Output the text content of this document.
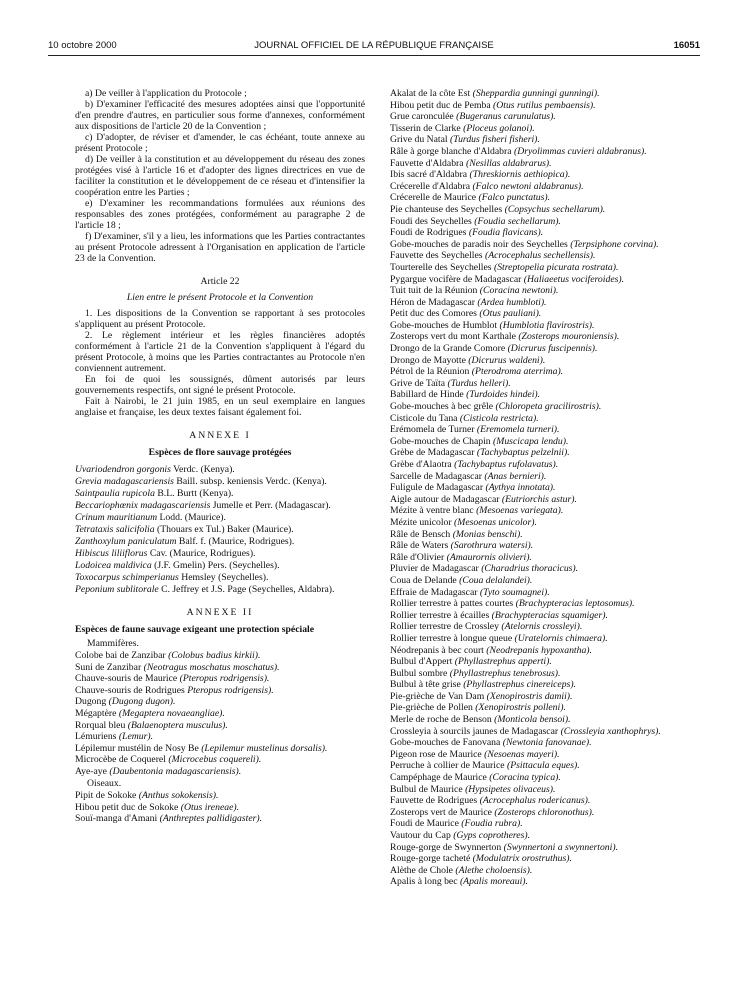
10 octobre 2000	JOURNAL OFFICIEL DE LA RÉPUBLIQUE FRANÇAISE	16051

a) De veiller à l'application du Protocole ;

b) D'examiner l'efficacité des mesures adoptées ainsi que l'opportunité d'en prendre d'autres, en particulier sous forme d'annexes, conformément aux dispositions de l'article 20 de la Convention ;

c) D'adopter, de réviser et d'amender, le cas échéant, toute annexe au présent Protocole ;

d) De veiller à la constitution et au développement du réseau des zones protégées visé à l'article 16 et d'adopter des lignes directrices en vue de faciliter la constitution et le développement de ce réseau et d'intensifier la coopération entre les Parties ;

e) D'examiner les recommandations formulées aux réunions des responsables des zones protégées, conformément au paragraphe 2 de l'article 18 ;

f) D'examiner, s'il y a lieu, les informations que les Parties contractantes au présent Protocole adressent à l'Organisation en application de l'article 23 de la Convention.

Article 22
Lien entre le présent Protocole et la Convention

1. Les dispositions de la Convention se rapportant à ses protocoles s'appliquent au présent Protocole.

2. Le règlement intérieur et les règles financières adoptés conformément à l'article 21 de la Convention s'appliquent à l'égard du présent Protocole, à moins que les Parties contractantes au Protocole n'en conviennent autrement.

En foi de quoi les soussignés, dûment autorisés par leurs gouvernements respectifs, ont signé le présent Protocole.

Fait à Nairobi, le 21 juin 1985, en un seul exemplaire en langues anglaise et française, les deux textes faisant également foi.

ANNEXE I
Espèces de flore sauvage protégées
Uvariodendron gorgonis Verdc. (Kenya).
Grevia madagascariensis Baill. subsp. keniensis Verdc. (Kenya).
Saintpaulia rupicola B.L. Burtt (Kenya).
Beccariophœnix madagascariensis Jumelle et Perr. (Madagascar).
Crinum mauritianum Lodd. (Maurice).
Tetrataxis salicifolia (Thouars ex Tul.) Baker (Maurice).
Zanthoxylum paniculatum Balf. f. (Maurice, Rodrigues).
Hibiscus liliiflorus Cav. (Maurice, Rodrigues).
Lodoicea maldivica (J.F. Gmelin) Pers. (Seychelles).
Toxocarpus schimperianus Hemsley (Seychelles).
Peponium sublitorale C. Jeffrey et J.S. Page (Seychelles, Aldabra).
ANNEXE II
Espèces de faune sauvage exigeant une protection spéciale
Mammifères.
Colobe bai de Zanzibar (Colobus badius kirkii).
Suni de Zanzibar (Neotragus moschatus moschatus).
Chauve-souris de Maurice (Pteropus rodrigensis).
Chauve-souris de Rodrigues Pteropus rodrigensis).
Dugong (Dugong dugon).
Mégaptère (Megaptera novaeangliae).
Rorqual bleu (Balaenoptera musculus).
Lémuriens (Lemur).
Lépilemur mustélin de Nosy Be (Lepilemur mustelinus dorsalis).
Microcèbe de Coquerel (Microcebus coquereli).
Aye-aye (Daubentonia madagascariensis).
Oiseaux.
Pipit de Sokoke (Anthus sokokensis).
Hibou petit duc de Sokoke (Otus ireneae).
Souï-manga d'Amani (Anthreptes pallidigaster).
Akalat de la côte Est (Sheppardia gunningi gunningi).
Hibou petit duc de Pemba (Otus rutilus pembaensis).
Grue caronculée (Bugeranus carunulatus).
Tisserin de Clarke (Ploceus golanoi).
Grive du Natal (Turdus fisheri fisheri).
Râle à gorge blanche d'Aldabra (Dryolimmas cuvieri aldabranus).
Fauvette d'Aldabra (Nesillas aldabrarus).
Ibis sacré d'Aldabra (Threskiornis aethiopica).
Crécerelle d'Aldabra (Falco newtoni aldabranus).
Crécerelle de Maurice (Falco punctatus).
Pie chanteuse des Seychelles (Copsychus sechellarum).
Foudi des Seychelles (Foudia sechellarum).
Foudi de Rodrigues (Foudia flavicans).
Gobe-mouches de paradis noir des Seychelles (Terpsiphone corvina).
Fauvette des Seychelles (Acrocephalus sechellensis).
Tourterelle des Seychelles (Streptopelia picurata rostrata).
Pygargue vocifère de Madagascar (Haliaeetus vociferoides).
Tuit tuit de la Réunion (Coracina newtoni).
Héron de Madagascar (Ardea humbloti).
Petit duc des Comores (Otus pauliani).
Gobe-mouches de Humblot (Humblotia flavirostris).
Zosterops vert du mont Karthale (Zosterops mouroniensis).
Drongo de la Grande Comore (Dicrurus fuscipennis).
Drongo de Mayotte (Dicrurus waldeni).
Pétrol de la Réunion (Pterodroma aterrima).
Grive de Taïta (Turdus helleri).
Babillard de Hinde (Turdoides hindei).
Gobe-mouches à bec grêle (Chloropeta gracilirostris).
Cisticole du Tana (Cisticola restricta).
Erémomela de Turner (Eremomela turneri).
Gobe-mouches de Chapin (Muscicapa lendu).
Grèbe de Madagascar (Tachybaptus pelzelnii).
Grèbe d'Alaotra (Tachybaptus rufolavatus).
Sarcelle de Madagascar (Anas bernieri).
Fuligule de Madagascar (Aythya innotata).
Aigle autour de Madagascar (Eutriorchis astur).
Mézite à ventre blanc (Mesoenas variegata).
Mézite unicolor (Mesoenas unicolor).
Râle de Bensch (Monias benschi).
Râle de Waters (Sarothrura watersi).
Râle d'Olivier (Amaurornis olivieri).
Pluvier de Madagascar (Charadrius thoracicus).
Coua de Delande (Coua delalandei).
Effraie de Madagascar (Tyto soumagnei).
Rollier terrestre à pattes courtes (Brachypteracias leptosomus).
Rollier terrestre à écailles (Brachypteracias squamiger).
Rollier terrestre de Crossley (Atelornis crossleyi).
Rollier terrestre à longue queue (Uratelornis chimaera).
Néodrepanis à bec court (Neodrepanis hypoxantha).
Bulbul d'Appert (Phyllastrephus apperti).
Bulbul sombre (Phyllastrephus tenebrosus).
Bulbul à tête grise (Phyllastrephus cinereiceps).
Pie-grièche de Van Dam (Xenopirostris damii).
Pie-grièche de Pollen (Xenopirostris polleni).
Merle de roche de Benson (Monticola bensoi).
Crossleyia à sourcils jaunes de Madagascar (Crossleyia xanthophrys).
Gobe-mouches de Fanovana (Newtonia fanovanae).
Pigeon rose de Maurice (Nesoenas mayeri).
Perruche à collier de Maurice (Psittacula eques).
Campéphage de Maurice (Coracina typica).
Bulbul de Maurice (Hypsipetes olivaceus).
Fauvette de Rodrigues (Acrocephalus rodericanus).
Zosterops vert de Maurice (Zosterops chloronothus).
Foudi de Maurice (Foudia rubra).
Vautour du Cap (Gyps coprotheres).
Rouge-gorge de Swynnerton (Swynnertoni a swynnertoni).
Rouge-gorge tacheté (Modulatrix orostruthus).
Alèthe de Chole (Alethe choloensis).
Apalis à long bec (Apalis moreaui).
